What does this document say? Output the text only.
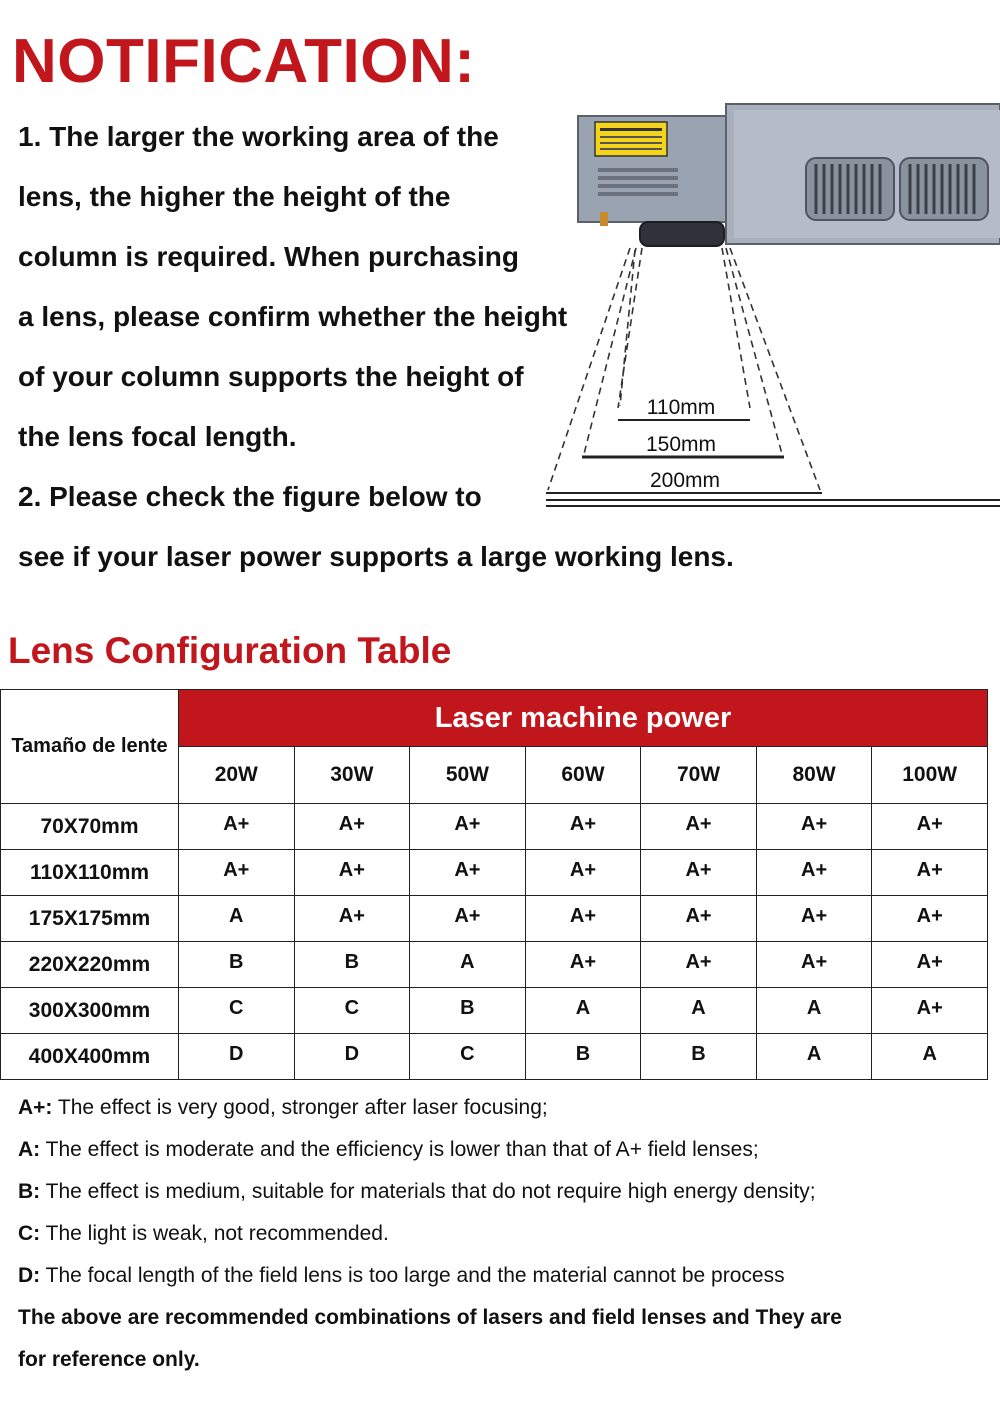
NOTIFICATION:

1. The larger the working area of the

lens, the higher the height of the

column is required. When purchasing

a lens, please confirm whether the height

of your column supports the height of

the lens focal length.

2. Please check the figure below to

see if your laser power supports a large working lens.

110mm
150mm
200mm
Lens Configuration Table
Tamaño de lente	Laser machine power						
	20W	30W	50W	60W	70W	80W	100W
70X70mm	A+	A+	A+	A+	A+	A+	A+
110X110mm	A+	A+	A+	A+	A+	A+	A+
175X175mm	A	A+	A+	A+	A+	A+	A+
220X220mm	B	B	A	A+	A+	A+	A+
300X300mm	C	C	B	A	A	A	A+
400X400mm	D	D	C	B	B	A	A

A+: The effect is very good, stronger after laser focusing;

A: The effect is moderate and the efficiency is lower than that of A+ field lenses;

B: The effect is medium, suitable for materials that do not require high energy density;

C: The light is weak, not recommended.

D: The focal length of the field lens is too large and the material cannot be process

The above are recommended combinations of lasers and field lenses and They are

for reference only.
